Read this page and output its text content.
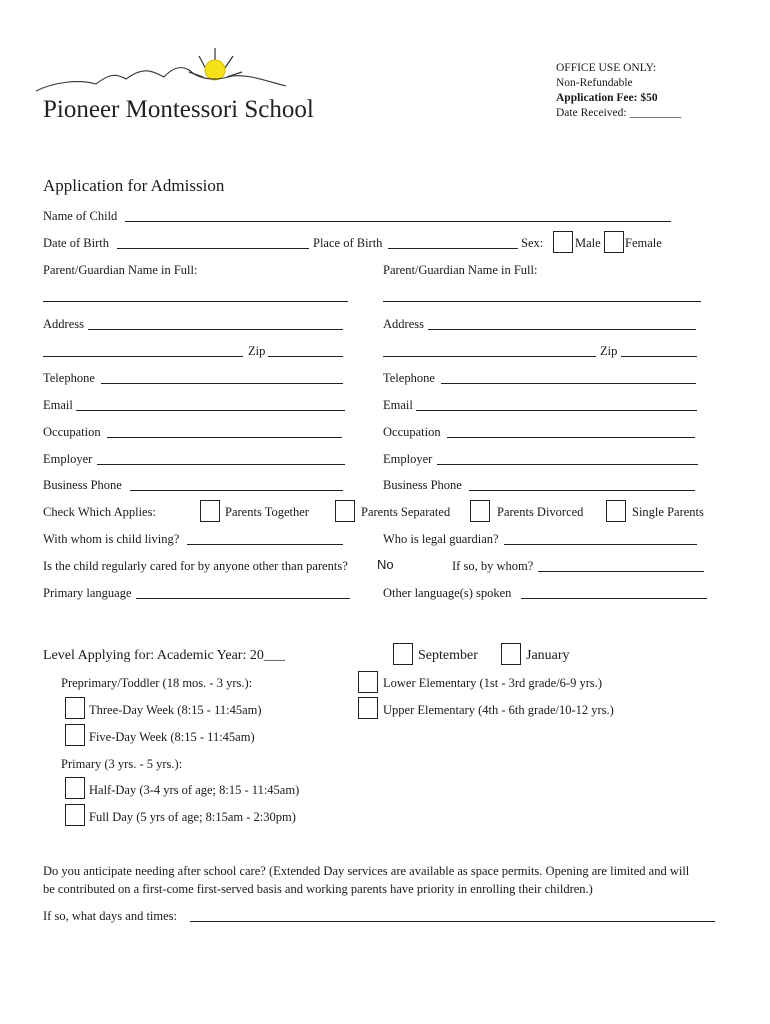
Pioneer Montessori School
OFFICE USE ONLY:
Non-Refundable
Application Fee: $50
Date Received: _________
Application for Admission
Name of Child
Date of Birth	Place of Birth	Sex:	Male Female
Parent/Guardian Name in Full:	Parent/Guardian Name in Full:
Address	Address
Zip	Zip
Telephone	Telephone
Email	Email
Occupation	Occupation
Employer	Employer
Business Phone	Business Phone
Check Which Applies:	Parents Together	Parents Separated	Parents Divorced	Single Parents
With whom is child living?	Who is legal guardian?
Is the child regularly cared for by anyone other than parents? No	If so, by whom?
Primary language	Other language(s) spoken
Level Applying for: Academic Year: 20___	September	January
Preprimary/Toddler (18 mos. - 3 yrs.):	Lower Elementary (1st - 3rd grade/6-9 yrs.)
Three-Day Week (8:15 - 11:45am)	Upper Elementary (4th - 6th grade/10-12 yrs.)
Five-Day Week (8:15 - 11:45am)
Primary (3 yrs. - 5 yrs.):
Half-Day (3-4 yrs of age; 8:15 - 11:45am)
Full Day (5 yrs of age; 8:15am - 2:30pm)
Do you anticipate needing after school care? (Extended Day services are available as space permits. Opening are limited and will
be contributed on a first-come first-served basis and working parents have priority in enrolling their children.)
If so, what days and times:
